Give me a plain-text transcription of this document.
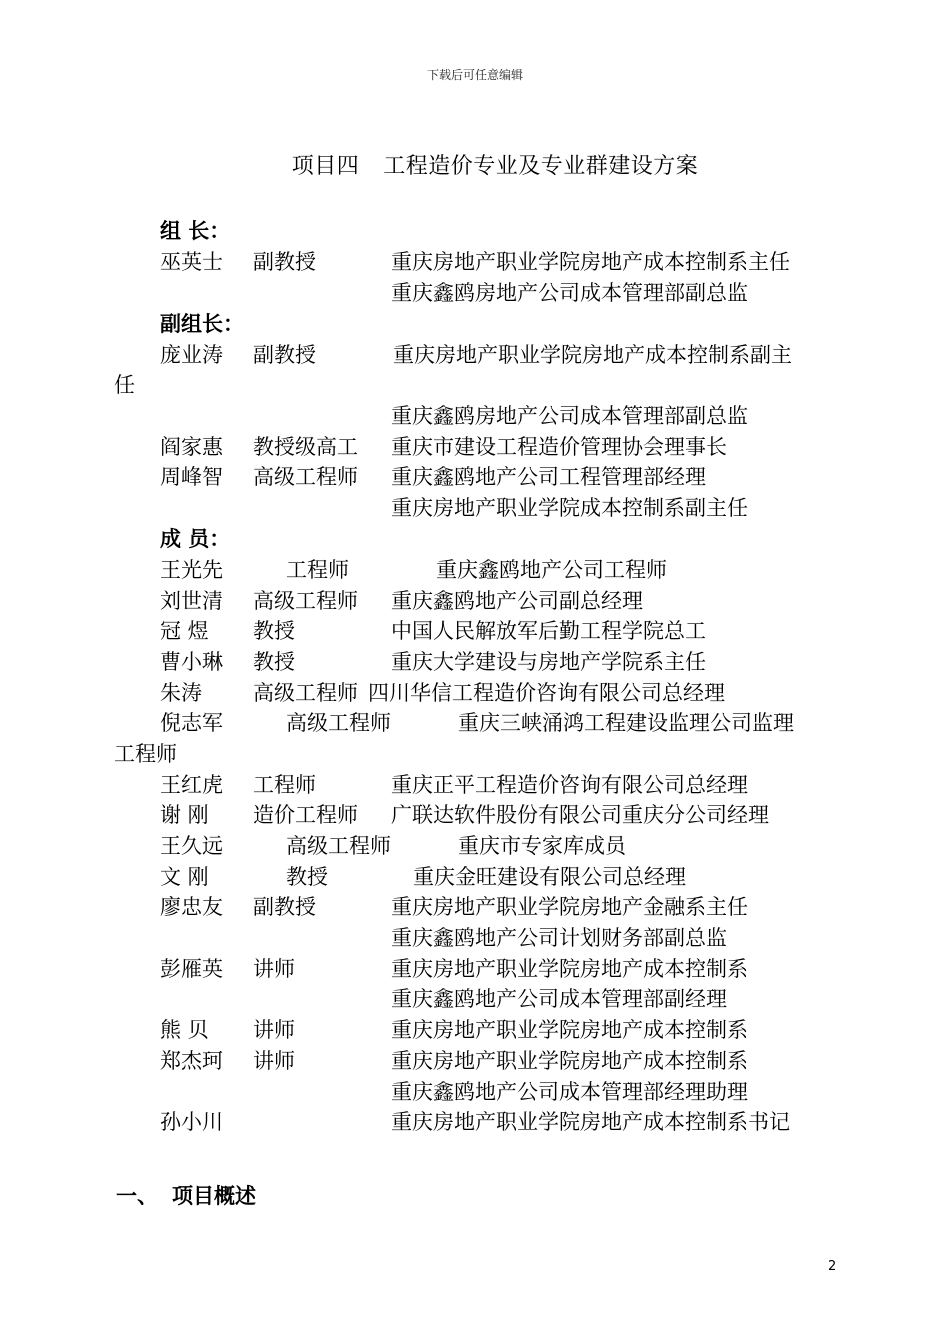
下载后可任意编辑
项目四 工程造价专业及专业群建设方案
组 长：
巫英士 副教授	重庆房地产职业学院房地产成本控制系主任
重庆鑫鸥房地产公司成本管理部副总监
副组长：
庞业涛 副教授	重庆房地产职业学院房地产成本控制系副主
任
重庆鑫鸥房地产公司成本管理部副总监
阎家惠 教授级高工 重庆市建设工程造价管理协会理事长
周峰智 高级工程师 重庆鑫鸥地产公司工程管理部经理
重庆房地产职业学院成本控制系副主任
成 员：
王光先	工程师	重庆鑫鸥地产公司工程师
刘世清 高级工程师 重庆鑫鸥地产公司副总经理
冠 煜 教授	中国人民解放军后勤工程学院总工
曹小琳 教授	重庆大学建设与房地产学院系主任
朱涛 高级工程师 四川华信工程造价咨询有限公司总经理
倪志军	高级工程师	重庆三峡涌鸿工程建设监理公司监理
工程师
王红虎 工程师	重庆正平工程造价咨询有限公司总经理
谢 刚 造价工程师 广联达软件股份有限公司重庆分公司经理
王久远	高级工程师	重庆市专家库成员
文 刚	教授	重庆金旺建设有限公司总经理
廖忠友 副教授	重庆房地产职业学院房地产金融系主任
重庆鑫鸥地产公司计划财务部副总监
彭雁英 讲师	重庆房地产职业学院房地产成本控制系
重庆鑫鸥地产公司成本管理部副经理
熊 贝 讲师	重庆房地产职业学院房地产成本控制系
郑杰珂 讲师	重庆房地产职业学院房地产成本控制系
重庆鑫鸥地产公司成本管理部经理助理
孙小川	重庆房地产职业学院房地产成本控制系书记
一、 项目概述
2
